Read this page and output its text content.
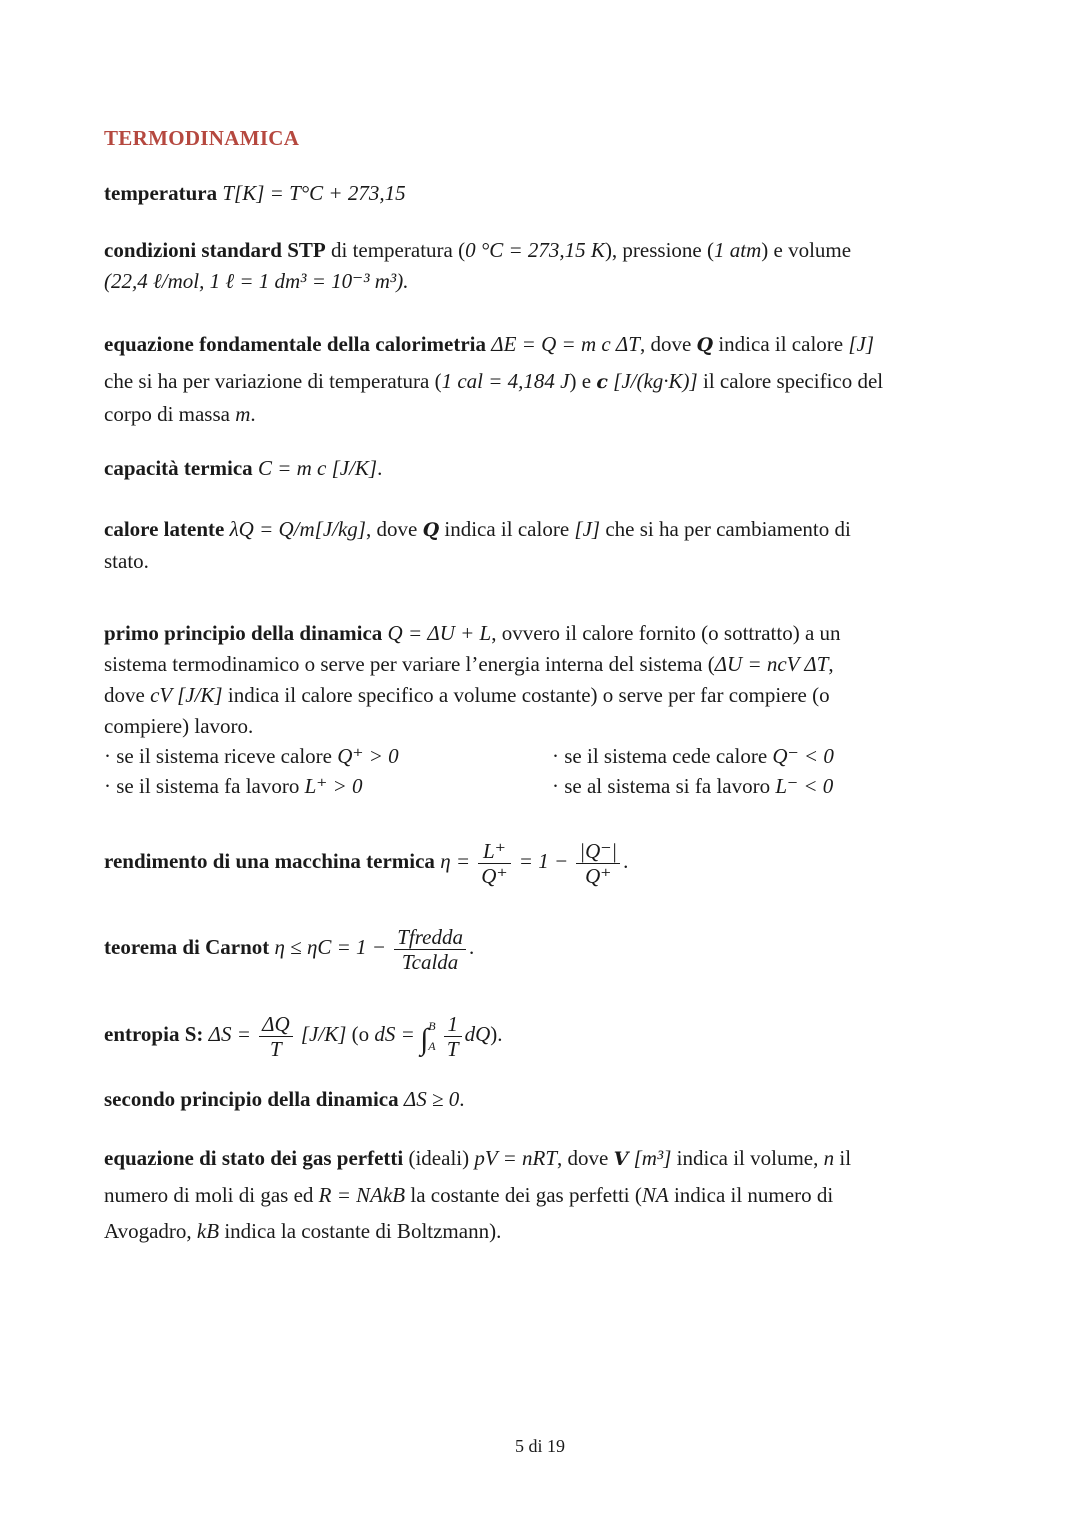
TERMODINAMICA
temperatura T[K] = T°C + 273,15
condizioni standard STP di temperatura (0 °C = 273,15 K), pressione (1 atm) e volume
(22,4 ℓ/mol, 1 ℓ = 1 dm³ = 10⁻³ m³).
equazione fondamentale della calorimetria ΔE = Q = m c ΔT, dove Q indica il calore [J]
che si ha per variazione di temperatura (1 cal = 4,184 J) e c [J/(kg·K)] il calore specifico del
corpo di massa m.
capacità termica C = m c [J/K].
calore latente λQ = Q/m[J/kg], dove Q indica il calore [J] che si ha per cambiamento di
stato.
primo principio della dinamica Q = ΔU + L, ovvero il calore fornito (o sottratto) a un
sistema termodinamico o serve per variare l’energia interna del sistema (ΔU = ncV ΔT,
dove cV [J/K] indica il calore specifico a volume costante) o serve per far compiere (o
compiere) lavoro.
· se il sistema riceve calore Q⁺ > 0	· se il sistema cede calore Q⁻ < 0
· se il sistema fa lavoro L⁺ > 0	· se al sistema si fa lavoro L⁻ < 0
rendimento di una macchina termica $\eta = \frac{L^+}{Q^+} = 1 - \frac{|Q^-|}{Q^+}$ .
teorema di Carnot $\eta \le \eta C = 1 - \frac{\text{Tfredda}}{\text{Tcalda}}$ .
entropia S: $\Delta S = \frac{\Delta Q}{T} [J/K]$ (o dS = ∫ B
A
$\frac{1}{T} dQ$).
secondo principio della dinamica ΔS ≥ 0.
equazione di stato dei gas perfetti (ideali) pV = nRT, dove V [m³] indica il volume, n il
numero di moli di gas ed R = NAkB la costante dei gas perfetti (NA indica il numero di
Avogadro, kB indica la costante di Boltzmann).
5 di 19
